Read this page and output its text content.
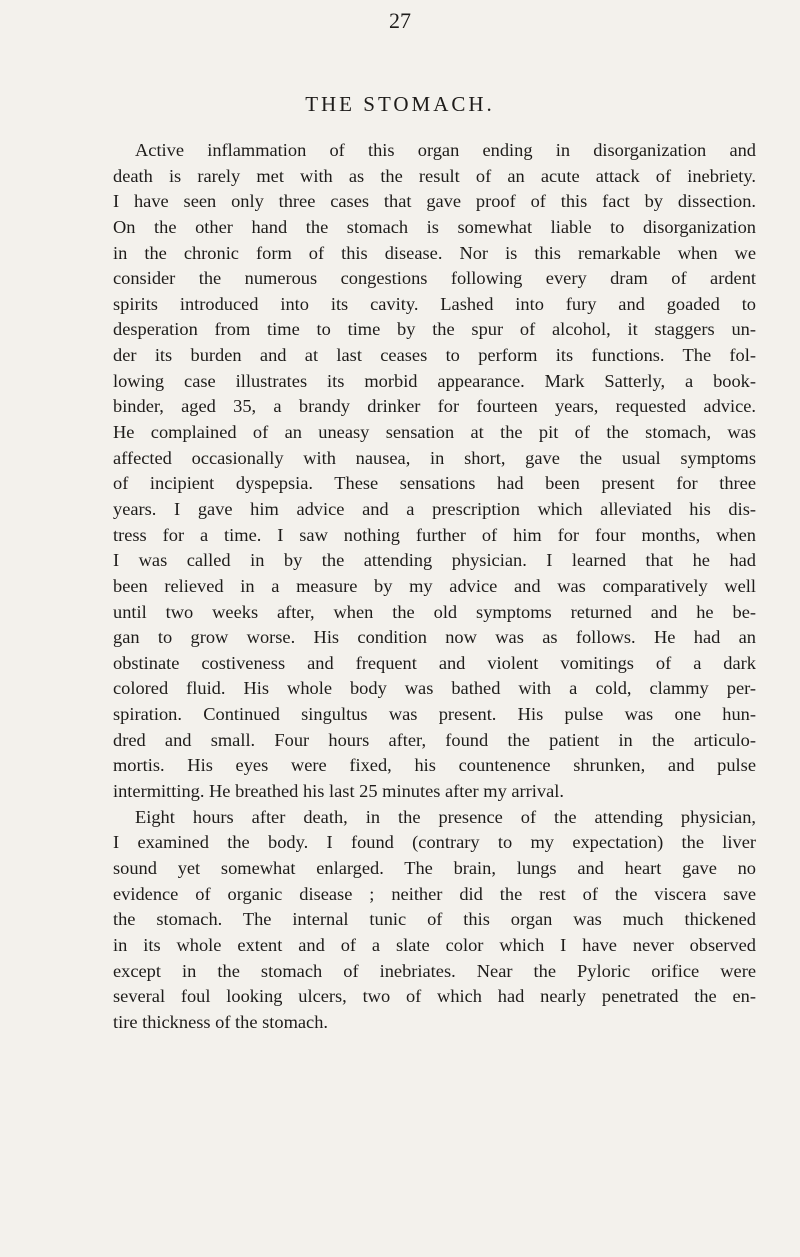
27
THE STOMACH.
Active inflammation of this organ ending in disorganization and
death is rarely met with as the result of an acute attack of inebriety.
I have seen only three cases that gave proof of this fact by dissection.
On the other hand the stomach is somewhat liable to disorganization
in the chronic form of this disease. Nor is this remarkable when we
consider the numerous congestions following every dram of ardent
spirits introduced into its cavity. Lashed into fury and goaded to
desperation from time to time by the spur of alcohol, it staggers un-
der its burden and at last ceases to perform its functions. The fol-
lowing case illustrates its morbid appearance. Mark Satterly, a book-
binder, aged 35, a brandy drinker for fourteen years, requested advice.
He complained of an uneasy sensation at the pit of the stomach, was
affected occasionally with nausea, in short, gave the usual symptoms
of incipient dyspepsia. These sensations had been present for three
years. I gave him advice and a prescription which alleviated his dis-
tress for a time. I saw nothing further of him for four months, when
I was called in by the attending physician. I learned that he had
been relieved in a measure by my advice and was comparatively well
until two weeks after, when the old symptoms returned and he be-
gan to grow worse. His condition now was as follows. He had an
obstinate costiveness and frequent and violent vomitings of a dark
colored fluid. His whole body was bathed with a cold, clammy per-
spiration. Continued singultus was present. His pulse was one hun-
dred and small. Four hours after, found the patient in the articulo-
mortis. His eyes were fixed, his countenence shrunken, and pulse
intermitting. He breathed his last 25 minutes after my arrival.
Eight hours after death, in the presence of the attending physician,
I examined the body. I found (contrary to my expectation) the liver
sound yet somewhat enlarged. The brain, lungs and heart gave no
evidence of organic disease ; neither did the rest of the viscera save
the stomach. The internal tunic of this organ was much thickened
in its whole extent and of a slate color which I have never observed
except in the stomach of inebriates. Near the Pyloric orifice were
several foul looking ulcers, two of which had nearly penetrated the en-
tire thickness of the stomach.
